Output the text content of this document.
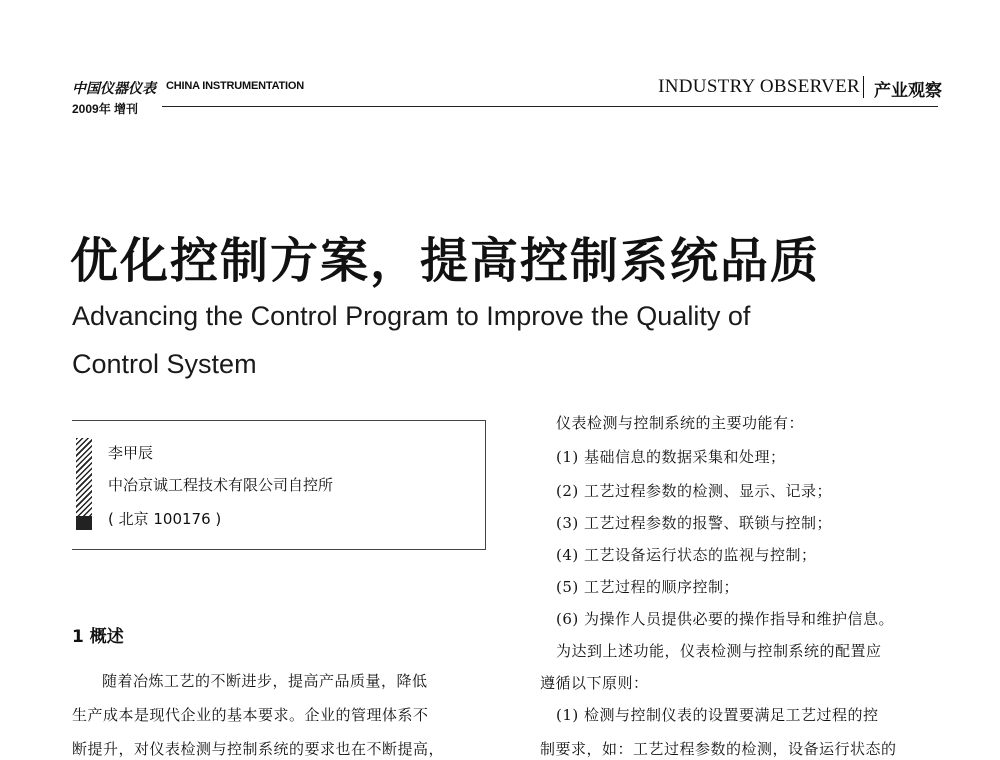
中国仪器仪表 CHINA INSTRUMENTATION
2009年 增刊
INDUSTRY OBSERVER 产业观察
优化控制方案，提高控制系统品质
Advancing the Control Program to Improve the Quality of Control System
李甲辰
中冶京诚工程技术有限公司自控所
( 北京 100176 )
1 概述
随着冶炼工艺的不断进步，提高产品质量，降低
生产成本是现代企业的基本要求。企业的管理体系不
断提升，对仪表检测与控制系统的要求也在不断提高，
仪表检测与控制系统的主要功能有：
(1) 基础信息的数据采集和处理；
(2) 工艺过程参数的检测、显示、记录；
(3) 工艺过程参数的报警、联锁与控制；
(4) 工艺设备运行状态的监视与控制；
(5) 工艺过程的顺序控制；
(6) 为操作人员提供必要的操作指导和维护信息。
为达到上述功能，仪表检测与控制系统的配置应
遵循以下原则：
(1) 检测与控制仪表的设置要满足工艺过程的控
制要求，如：工艺过程参数的检测，设备运行状态的
